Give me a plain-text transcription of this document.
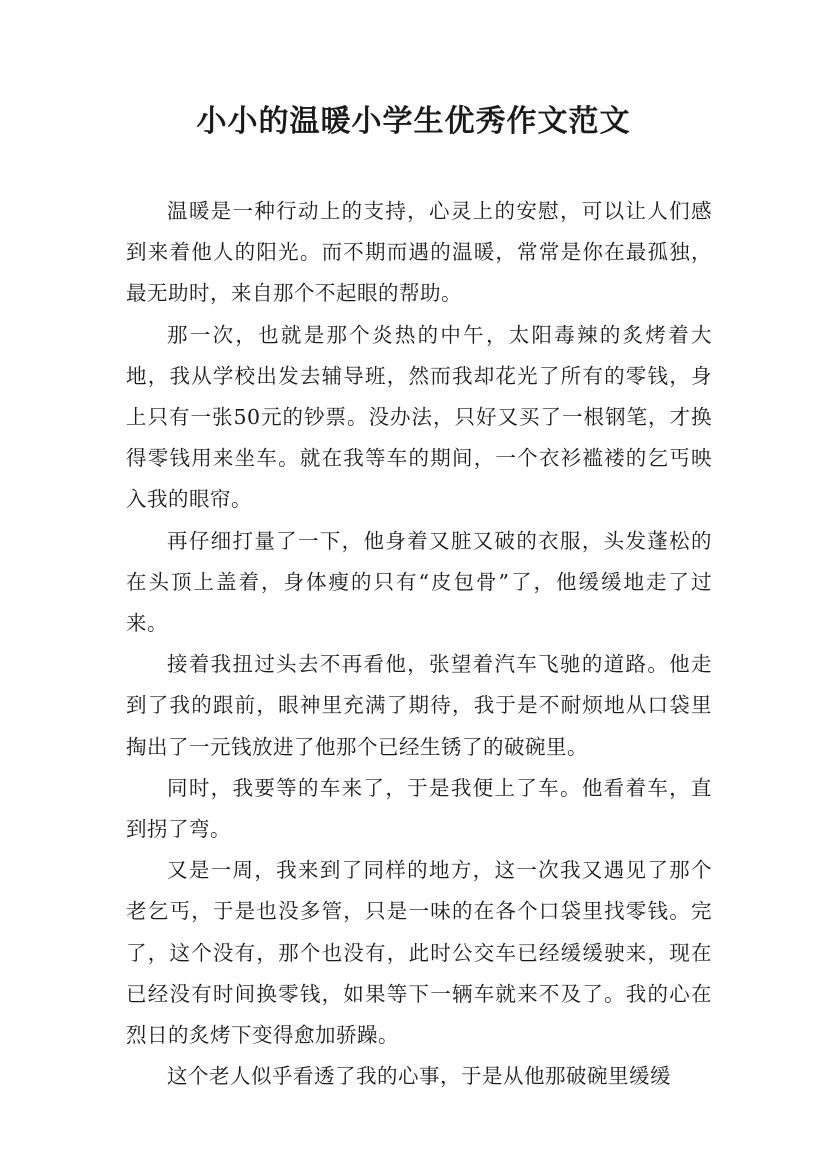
小小的温暖小学生优秀作文范文

温暖是一种行动上的支持，心灵上的安慰，可以让人们感到来着他人的阳光。而不期而遇的温暖，常常是你在最孤独，最无助时，来自那个不起眼的帮助。

那一次，也就是那个炎热的中午，太阳毒辣的炙烤着大地，我从学校出发去辅导班，然而我却花光了所有的零钱，身上只有一张50元的钞票。没办法，只好又买了一根钢笔，才换得零钱用来坐车。就在我等车的期间，一个衣衫褴褛的乞丐映入我的眼帘。

再仔细打量了一下，他身着又脏又破的衣服，头发蓬松的在头顶上盖着，身体瘦的只有“皮包骨”了，他缓缓地走了过来。

接着我扭过头去不再看他，张望着汽车飞驰的道路。他走到了我的跟前，眼神里充满了期待，我于是不耐烦地从口袋里掏出了一元钱放进了他那个已经生锈了的破碗里。

同时，我要等的车来了，于是我便上了车。他看着车，直到拐了弯。

又是一周，我来到了同样的地方，这一次我又遇见了那个老乞丐，于是也没多管，只是一味的在各个口袋里找零钱。完了，这个没有，那个也没有，此时公交车已经缓缓驶来，现在已经没有时间换零钱，如果等下一辆车就来不及了。我的心在烈日的炙烤下变得愈加骄躁。

这个老人似乎看透了我的心事，于是从他那破碗里缓缓
